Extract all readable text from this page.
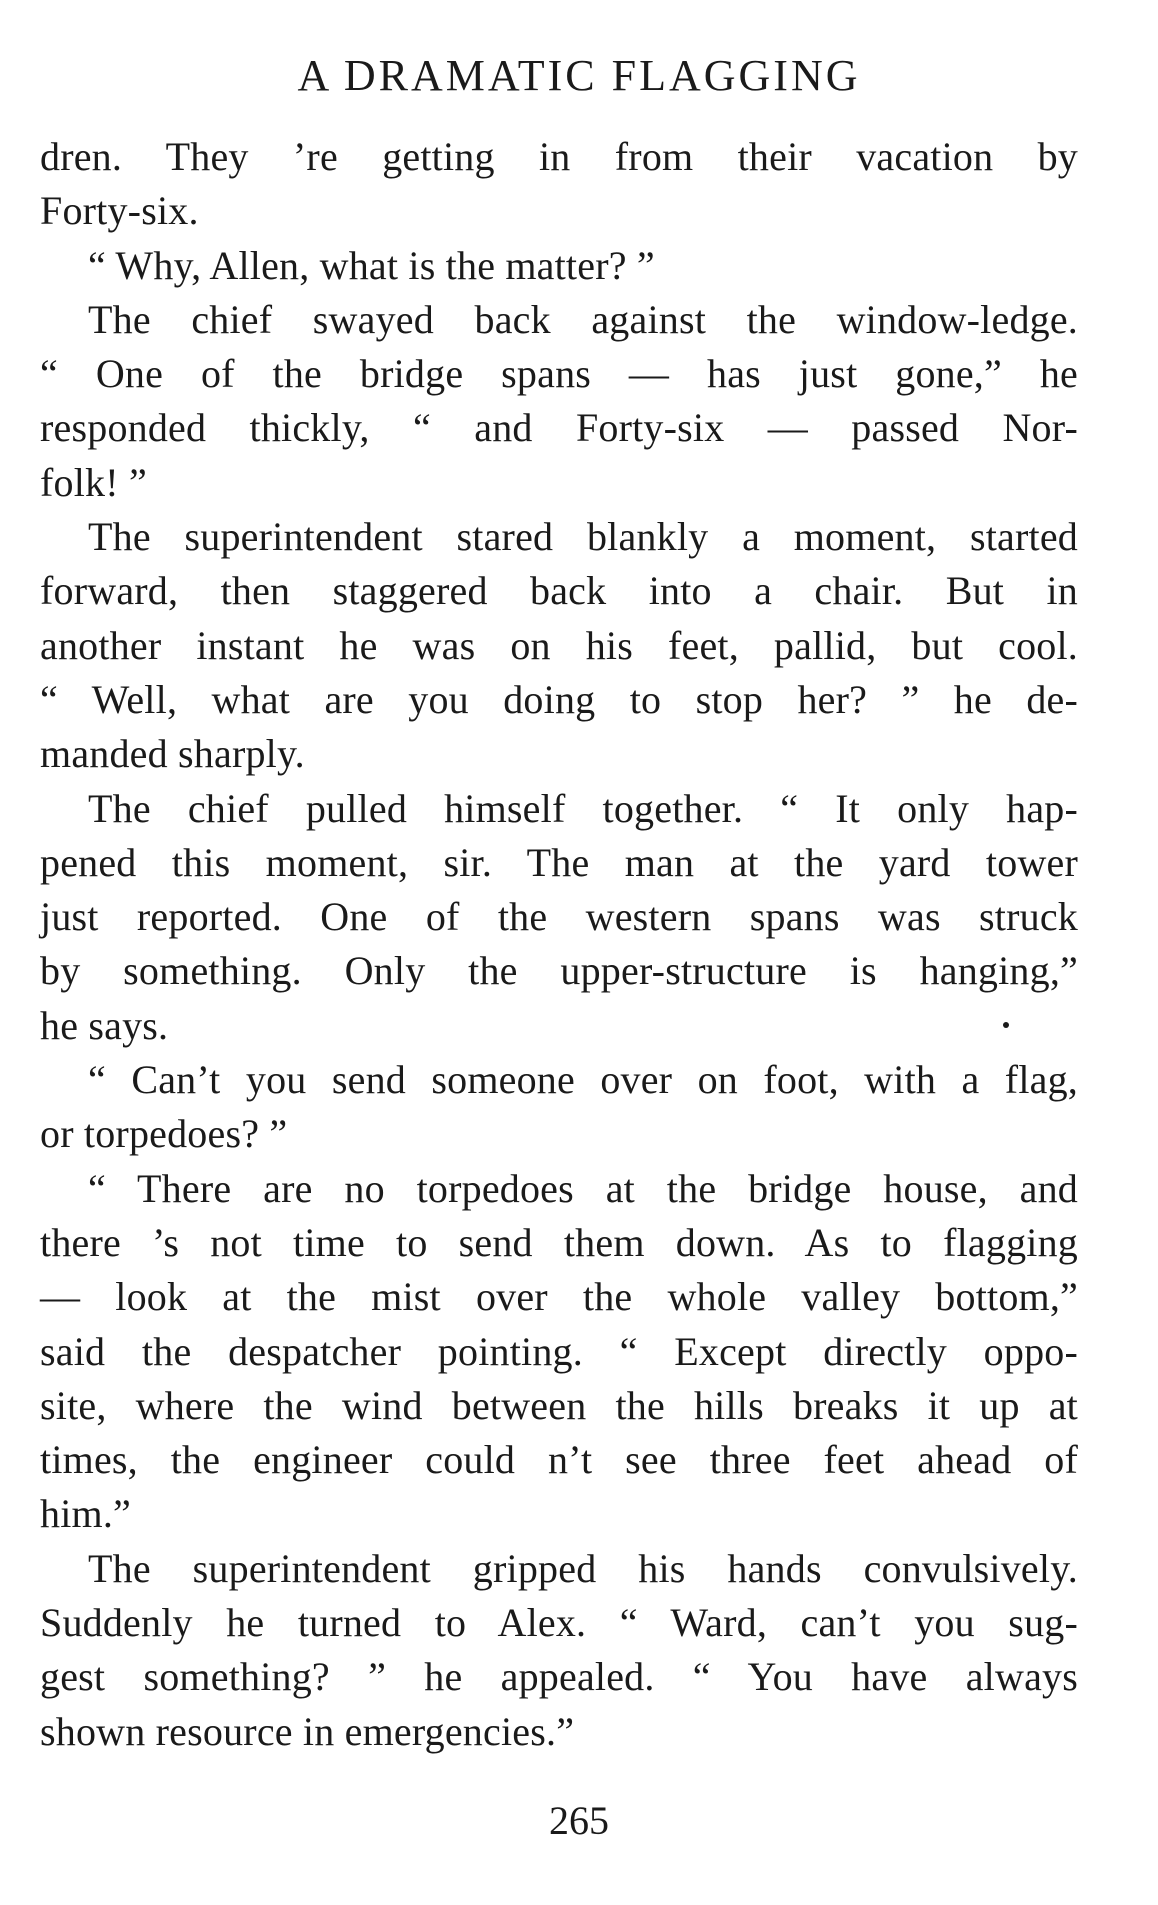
A DRAMATIC FLAGGING
dren. They ’re getting in from their vacation by
Forty-six.
“ Why, Allen, what is the matter? ”
The chief swayed back against the window-ledge.
“ One of the bridge spans — has just gone,” he
responded thickly, “ and Forty-six — passed Nor-
folk! ”
The superintendent stared blankly a moment, started
forward, then staggered back into a chair. But in
another instant he was on his feet, pallid, but cool.
“ Well, what are you doing to stop her? ” he de-
manded sharply.
The chief pulled himself together. “ It only hap-
pened this moment, sir. The man at the yard tower
just reported. One of the western spans was struck
by something. Only the upper-structure is hanging,”
he says.
“ Can’t you send someone over on foot, with a flag,
or torpedoes? ”
“ There are no torpedoes at the bridge house, and
there ’s not time to send them down. As to flagging
— look at the mist over the whole valley bottom,”
said the despatcher pointing. “ Except directly oppo-
site, where the wind between the hills breaks it up at
times, the engineer could n’t see three feet ahead of
him.”
The superintendent gripped his hands convulsively.
Suddenly he turned to Alex. “ Ward, can’t you sug-
gest something? ” he appealed. “ You have always
shown resource in emergencies.”
265
